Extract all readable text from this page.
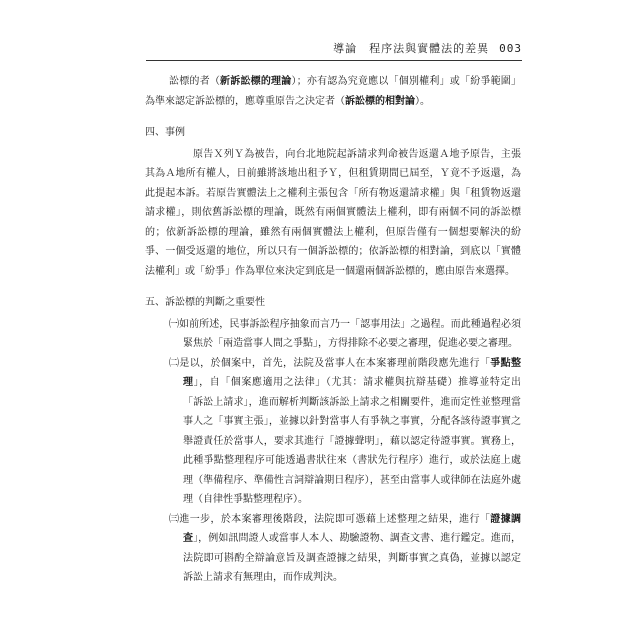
導論　程序法與實體法的差異 003

訟標的者（新訴訟標的理論）；亦有認為究竟應以「個別權利」或「紛爭範圍」為準來認定訴訟標的，應尊重原告之決定者（訴訟標的相對論）。

四、事例

原告Ｘ列Ｙ為被告，向台北地院起訴請求判命被告返還Ａ地予原告，主張其為Ａ地所有權人，日前雖將該地出租予Ｙ，但租賃期間已屆至，Ｙ竟不予返還，為此提起本訴。若原告實體法上之權利主張包含「所有物返還請求權」與「租賃物返還請求權」，則依舊訴訟標的理論，既然有兩個實體法上權利，即有兩個不同的訴訟標的；依新訴訟標的理論，雖然有兩個實體法上權利，但原告僅有一個想要解決的紛爭、一個受返還的地位，所以只有一個訴訟標的；依訴訟標的相對論，到底以「實體法權利」或「紛爭」作為單位來決定到底是一個還兩個訴訟標的，應由原告來選擇。

五、訴訟標的判斷之重要性

㈠如前所述，民事訴訟程序抽象而言乃一「認事用法」之過程。而此種過程必須緊焦於「兩造當事人間之爭點」，方得排除不必要之審理，促進必要之審理。

㈡是以，於個案中，首先，法院及當事人在本案審理前階段應先進行「爭點整理」，自「個案應適用之法律」（尤其：請求權與抗辯基礎）推導並特定出「訴訟上請求」，進而解析判斷該訴訟上請求之相關要件，進而定性並整理當事人之「事實主張」，並據以針對當事人有爭執之事實，分配各該待證事實之舉證責任於當事人，要求其進行「證據聲明」，藉以認定待證事實。實務上，此種爭點整理程序可能透過書狀往來（書狀先行程序）進行，或於法庭上處理（準備程序、準備性言詞辯論期日程序），甚至由當事人或律師在法庭外處理（自律性爭點整理程序）。

㈢進一步，於本案審理後階段，法院即可憑藉上述整理之結果，進行「證據調查」，例如訊問證人或當事人本人、勘驗證物、調查文書、進行鑑定。進而，法院即可斟酌全辯論意旨及調查證據之結果，判斷事實之真偽，並據以認定訴訟上請求有無理由，而作成判決。
